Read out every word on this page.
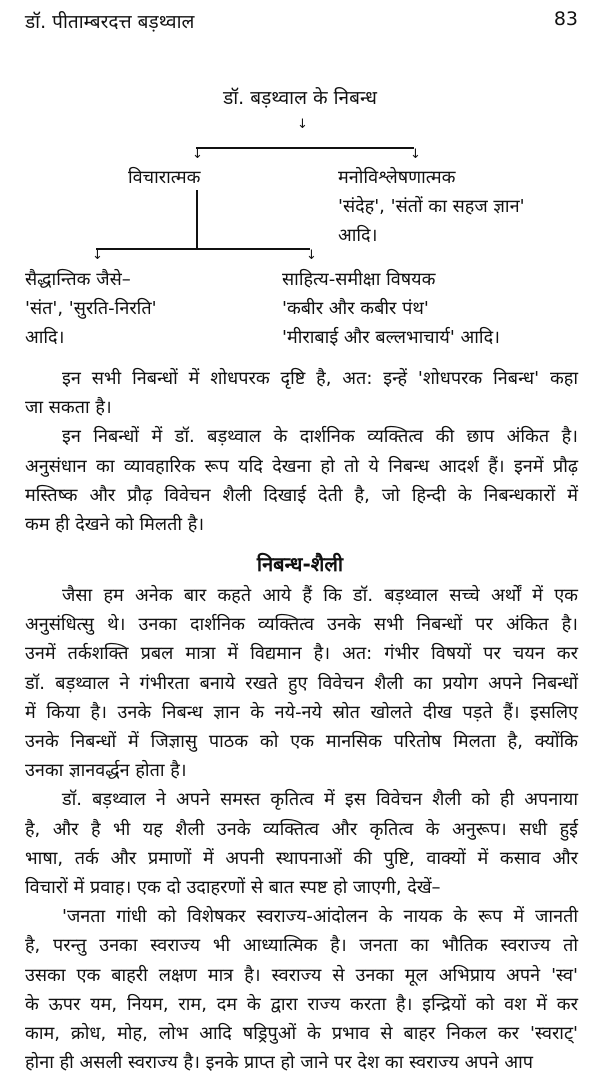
डॉ. पीताम्बरदत्त बड़थ्वाल	83
डॉ. बड़थ्वाल के निबन्ध
↓
↓	↓
विचारात्मक	मनोविश्लेषणात्मक
'संदेह', 'संतों का सहज ज्ञान'
आदि।
↓	↓
सैद्धान्तिक जैसे–
'संत', 'सुरति-निरति'
आदि।
साहित्य-समीक्षा विषयक
'कबीर और कबीर पंथ'
'मीराबाई और बल्लभाचार्य' आदि।
इन सभी निबन्धों में शोधपरक दृष्टि है, अत: इन्हें 'शोधपरक निबन्ध' कहा
जा सकता है।
इन निबन्धों में डॉ. बड़थ्वाल के दार्शनिक व्यक्तित्व की छाप अंकित है।
अनुसंधान का व्यावहारिक रूप यदि देखना हो तो ये निबन्ध आदर्श हैं। इनमें प्रौढ़
मस्तिष्क और प्रौढ़ विवेचन शैली दिखाई देती है, जो हिन्दी के निबन्धकारों में
कम ही देखने को मिलती है।
निबन्ध-शैली
जैसा हम अनेक बार कहते आये हैं कि डॉ. बड़थ्वाल सच्चे अर्थों में एक
अनुसंधित्सु थे। उनका दार्शनिक व्यक्तित्व उनके सभी निबन्धों पर अंकित है।
उनमें तर्कशक्ति प्रबल मात्रा में विद्यमान है। अत: गंभीर विषयों पर चयन कर
डॉ. बड़थ्वाल ने गंभीरता बनाये रखते हुए विवेचन शैली का प्रयोग अपने निबन्धों
में किया है। उनके निबन्ध ज्ञान के नये-नये स्रोत खोलते दीख पड़ते हैं। इसलिए
उनके निबन्धों में जिज्ञासु पाठक को एक मानसिक परितोष मिलता है, क्योंकि
उनका ज्ञानवर्द्धन होता है।
डॉ. बड़थ्वाल ने अपने समस्त कृतित्व में इस विवेचन शैली को ही अपनाया
है, और है भी यह शैली उनके व्यक्तित्व और कृतित्व के अनुरूप। सधी हुई
भाषा, तर्क और प्रमाणों में अपनी स्थापनाओं की पुष्टि, वाक्यों में कसाव और
विचारों में प्रवाह। एक दो उदाहरणों से बात स्पष्ट हो जाएगी, देखें–
'जनता गांधी को विशेषकर स्वराज्य-आंदोलन के नायक के रूप में जानती
है, परन्तु उनका स्वराज्य भी आध्यात्मिक है। जनता का भौतिक स्वराज्य तो
उसका एक बाहरी लक्षण मात्र है। स्वराज्य से उनका मूल अभिप्राय अपने 'स्व'
के ऊपर यम, नियम, राम, दम के द्वारा राज्य करता है। इन्द्रियों को वश में कर
काम, क्रोध, मोह, लोभ आदि षड्रिपुओं के प्रभाव से बाहर निकल कर 'स्वराट्'
होना ही असली स्वराज्य है। इनके प्राप्त हो जाने पर देश का स्वराज्य अपने आप
